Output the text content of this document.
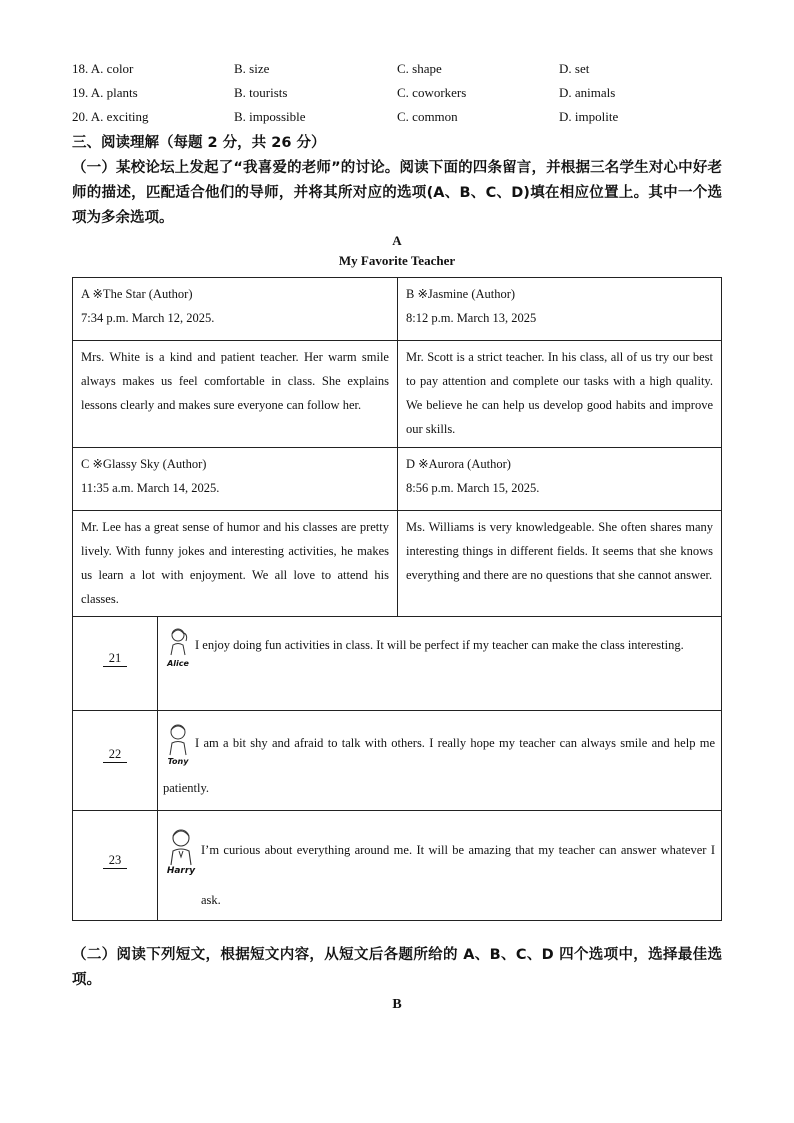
18. A. color	B. size	C. shape	D. set
19. A. plants	B. tourists	C. coworkers	D. animals
20. A. exciting	B. impossible	C. common	D. impolite
三、阅读理解（每题 2 分，共 26 分）
（一）某校论坛上发起了“我喜爱的老师”的讨论。阅读下面的四条留言，并根据三名学生对心中好老师的描述，匹配适合他们的导师，并将其所对应的选项(A、B、C、D)填在相应位置上。其中一个选项为多余选项。
A
My Favorite Teacher
A ※The Star (Author)
7:34 p.m. March 12, 2025.
Mrs. White is a kind and patient teacher. Her warm smile always makes us feel comfortable in class. She explains lessons clearly and makes sure everyone can follow her.
B ※Jasmine (Author)
8:12 p.m. March 13, 2025
Mr. Scott is a strict teacher. In his class, all of us try our best to pay attention and complete our tasks with a high quality. We believe he can help us develop good habits and improve our skills.
C ※Glassy Sky (Author)
11:35 a.m. March 14, 2025.
Mr. Lee has a great sense of humor and his classes are pretty lively. With funny jokes and interesting activities, he makes us learn a lot with enjoyment. We all love to attend his classes.
D ※Aurora (Author)
8:56 p.m. March 15, 2025.
Ms. Williams is very knowledgeable. She often shares many interesting things in different fields. It seems that she knows everything and there are no questions that she cannot answer.
21	Alice
I enjoy doing fun activities in class. It will be perfect if my teacher can make the class interesting.
22
Tony
I am a bit shy and afraid to talk with others. I really hope my teacher can always smile and help me patiently.
23
Harry
I’m curious about everything around me. It will be amazing that my teacher can answer whatever I ask.
（二）阅读下列短文，根据短文内容，从短文后各题所给的 A、B、C、D 四个选项中，选择最佳选项。
B
